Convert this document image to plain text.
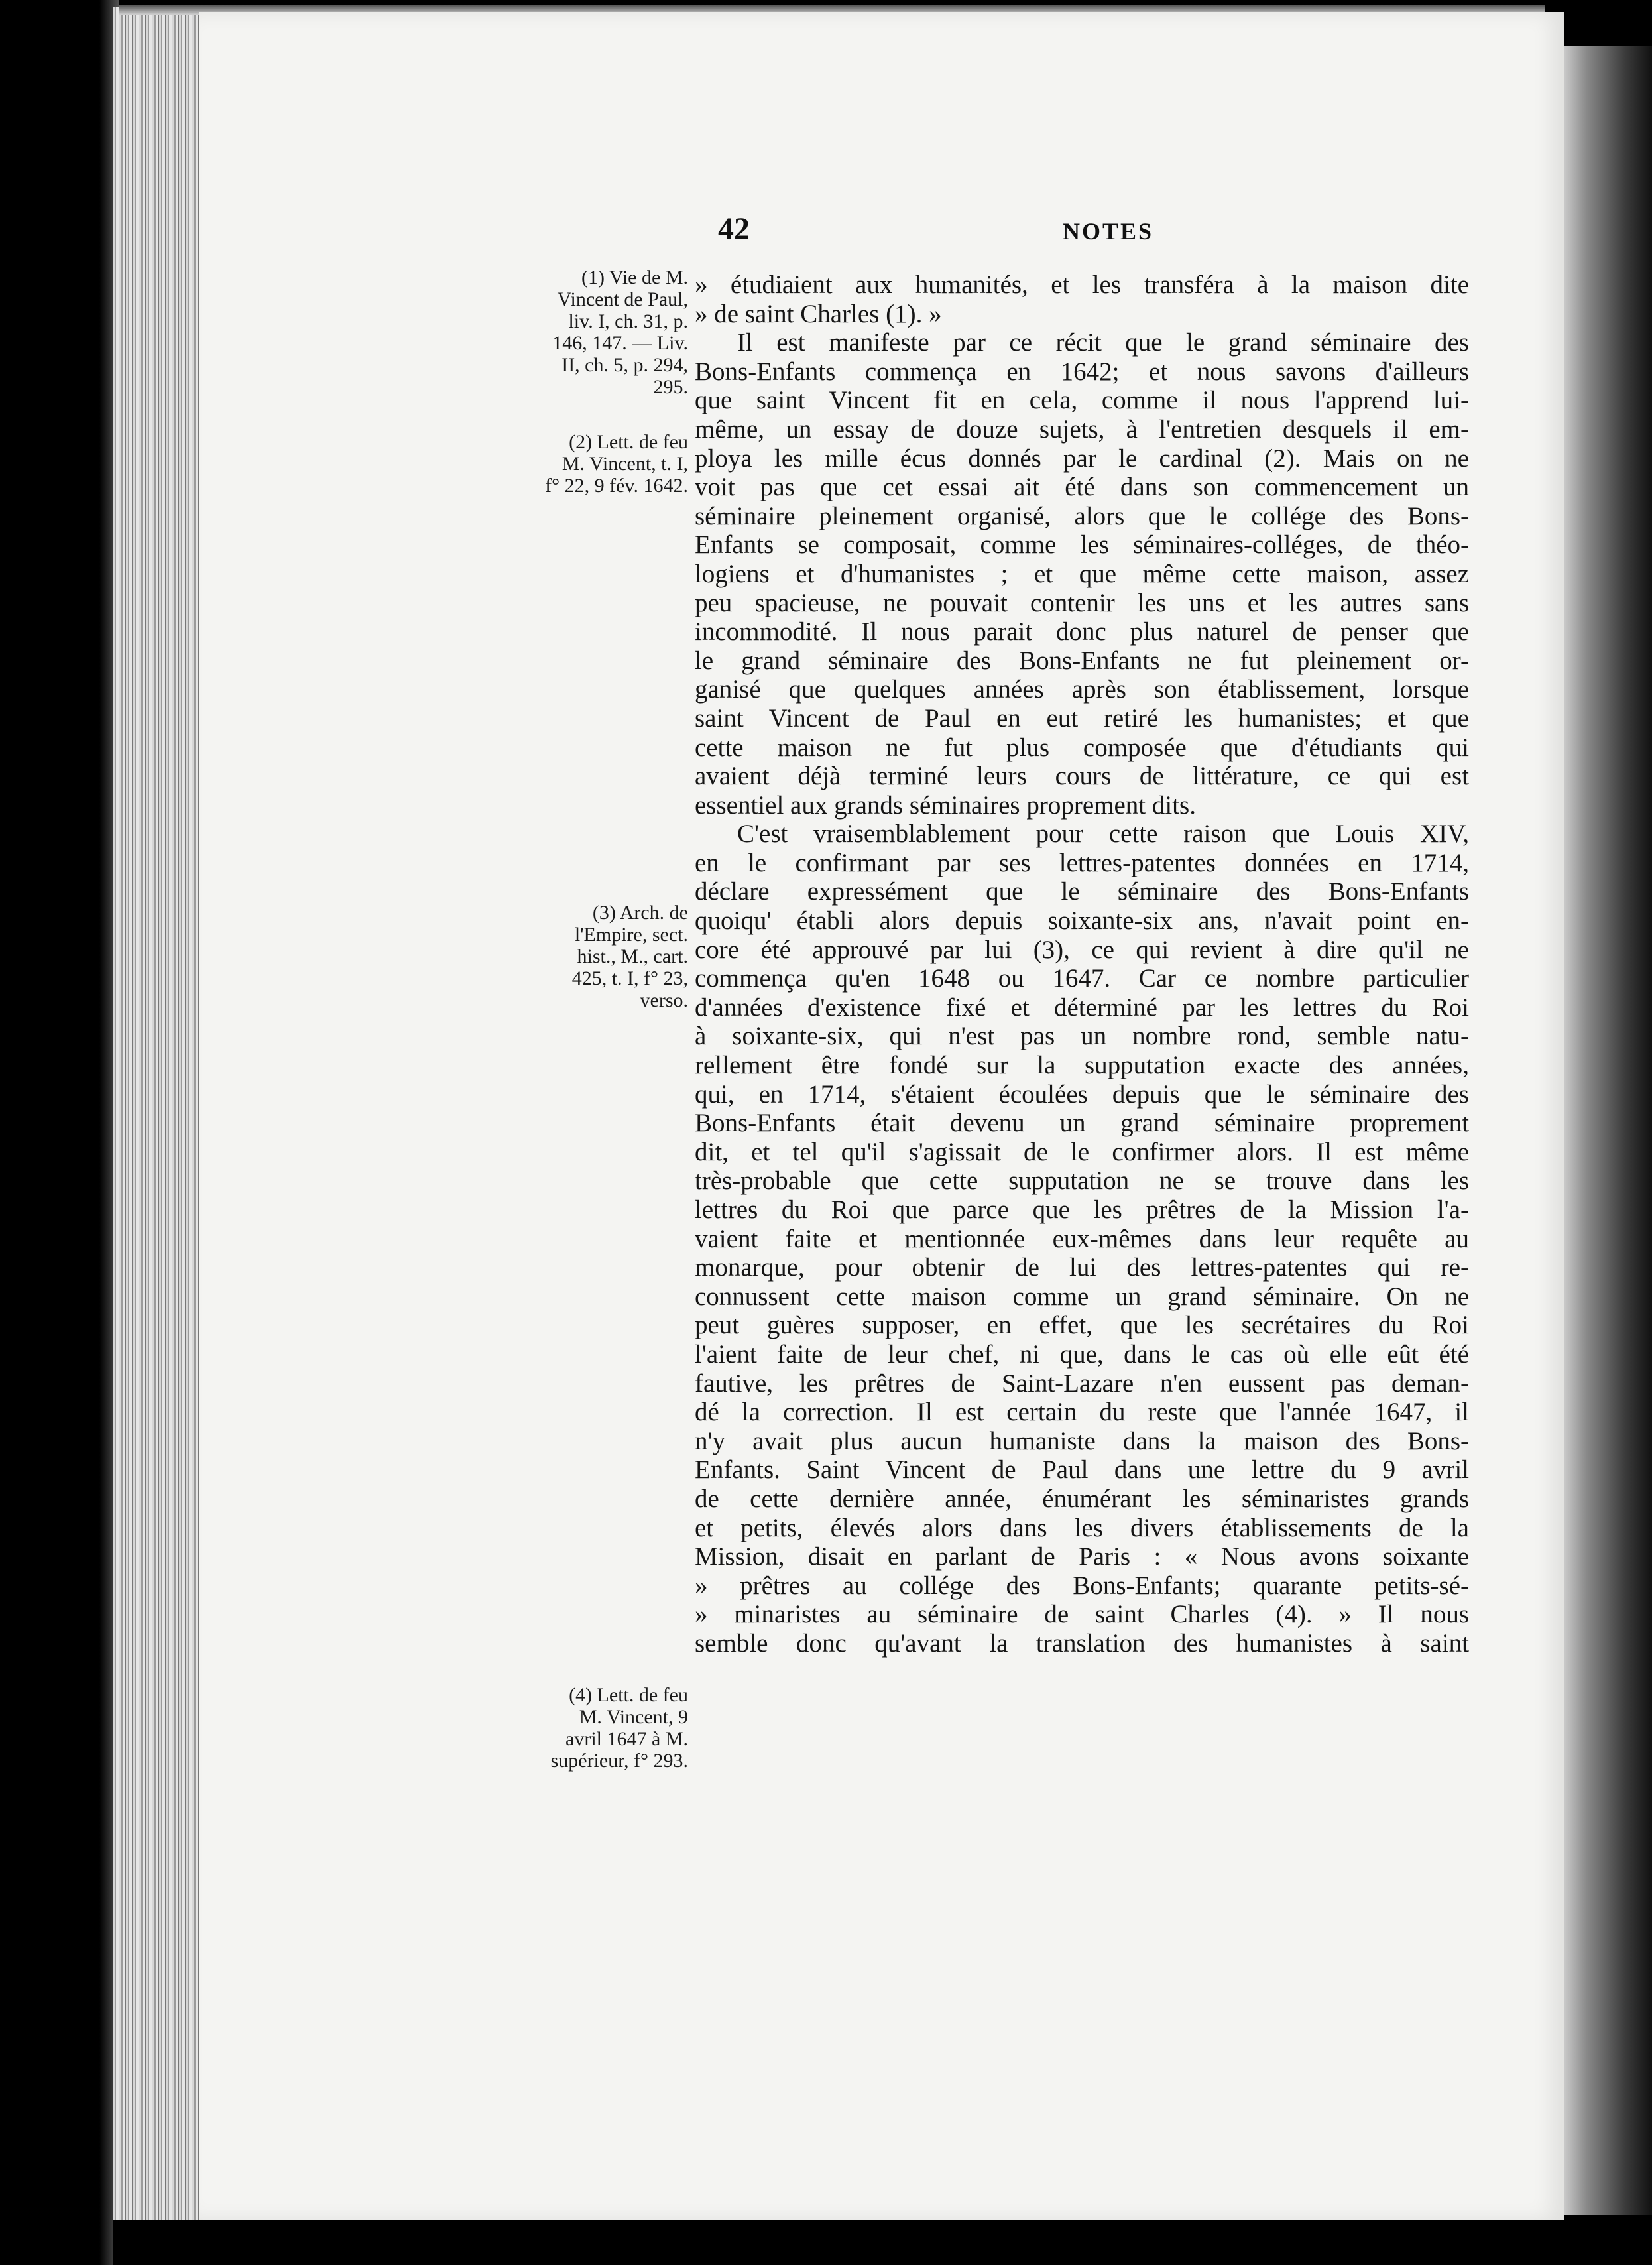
42	NOTES
(1) Vie de M.
Vincent de Paul,
liv. I, ch. 31, p.
146, 147. — Liv.
II, ch. 5, p. 294,
295.
(2) Lett. de feu
M. Vincent, t. I,
f° 22, 9 fév. 1642.
(3) Arch. de
l'Empire, sect.
hist., M., cart.
425, t. I, f° 23,
verso.
(4) Lett. de feu
M. Vincent, 9
avril 1647 à M.
supérieur, f° 293.
» étudiaient aux humanités, et les transféra à la maison dite
» de saint Charles (1). »
Il est manifeste par ce récit que le grand séminaire des
Bons-Enfants commença en 1642; et nous savons d'ailleurs
que saint Vincent fit en cela, comme il nous l'apprend lui-
même, un essay de douze sujets, à l'entretien desquels il em-
ploya les mille écus donnés par le cardinal (2). Mais on ne
voit pas que cet essai ait été dans son commencement un
séminaire pleinement organisé, alors que le collége des Bons-
Enfants se composait, comme les séminaires-colléges, de théo-
logiens et d'humanistes ; et que même cette maison, assez
peu spacieuse, ne pouvait contenir les uns et les autres sans
incommodité. Il nous parait donc plus naturel de penser que
le grand séminaire des Bons-Enfants ne fut pleinement or-
ganisé que quelques années après son établissement, lorsque
saint Vincent de Paul en eut retiré les humanistes; et que
cette maison ne fut plus composée que d'étudiants qui
avaient déjà terminé leurs cours de littérature, ce qui est
essentiel aux grands séminaires proprement dits.
C'est vraisemblablement pour cette raison que Louis XIV,
en le confirmant par ses lettres-patentes données en 1714,
déclare expressément que le séminaire des Bons-Enfants
quoiqu' établi alors depuis soixante-six ans, n'avait point en-
core été approuvé par lui (3), ce qui revient à dire qu'il ne
commença qu'en 1648 ou 1647. Car ce nombre particulier
d'années d'existence fixé et déterminé par les lettres du Roi
à soixante-six, qui n'est pas un nombre rond, semble natu-
rellement être fondé sur la supputation exacte des années,
qui, en 1714, s'étaient écoulées depuis que le séminaire des
Bons-Enfants était devenu un grand séminaire proprement
dit, et tel qu'il s'agissait de le confirmer alors. Il est même
très-probable que cette supputation ne se trouve dans les
lettres du Roi que parce que les prêtres de la Mission l'a-
vaient faite et mentionnée eux-mêmes dans leur requête au
monarque, pour obtenir de lui des lettres-patentes qui re-
connussent cette maison comme un grand séminaire. On ne
peut guères supposer, en effet, que les secrétaires du Roi
l'aient faite de leur chef, ni que, dans le cas où elle eût été
fautive, les prêtres de Saint-Lazare n'en eussent pas deman-
dé la correction. Il est certain du reste que l'année 1647, il
n'y avait plus aucun humaniste dans la maison des Bons-
Enfants. Saint Vincent de Paul dans une lettre du 9 avril
de cette dernière année, énumérant les séminaristes grands
et petits, élevés alors dans les divers établissements de la
Mission, disait en parlant de Paris : « Nous avons soixante
» prêtres au collége des Bons-Enfants; quarante petits-sé-
» minaristes au séminaire de saint Charles (4). » Il nous
semble donc qu'avant la translation des humanistes à saint
